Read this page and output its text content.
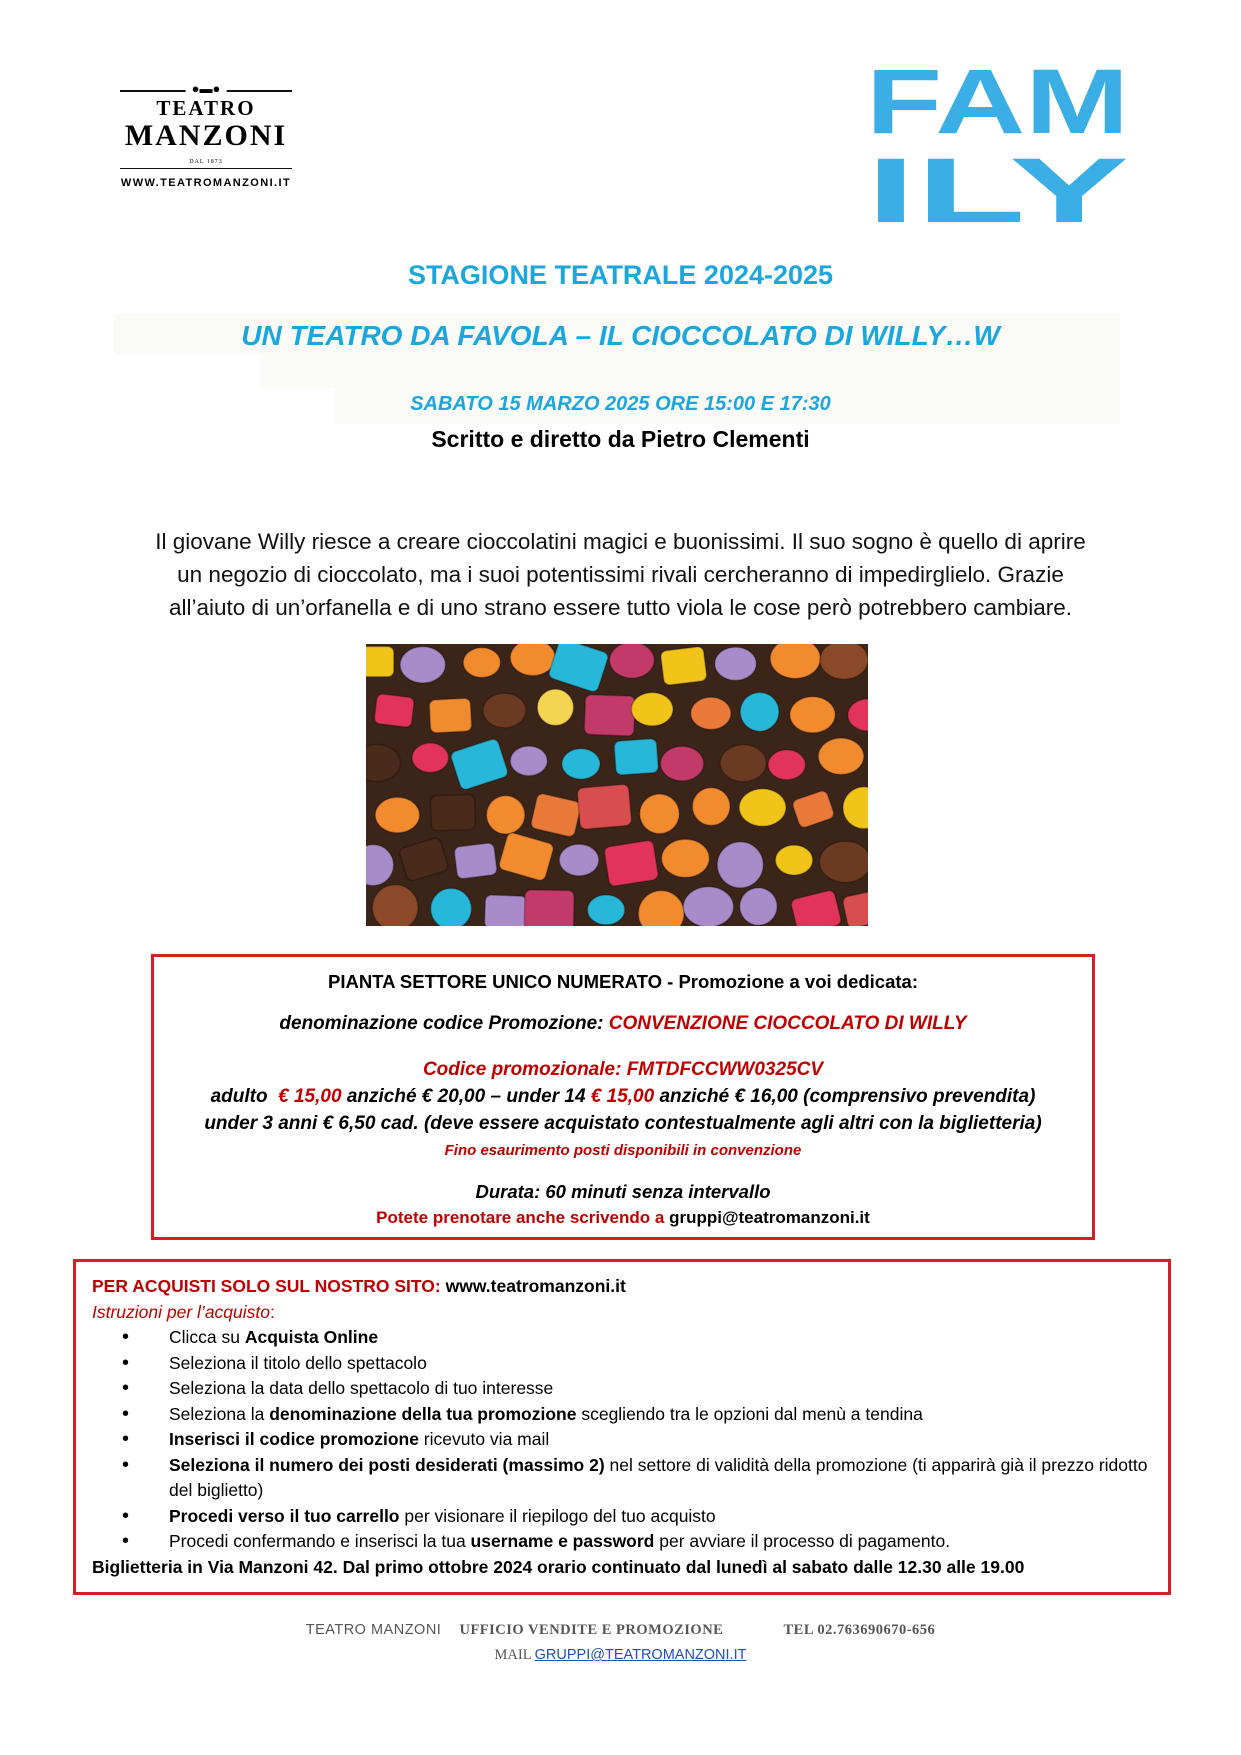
●▬●
TEATRO
MANZONI
DAL 1873
WWW.TEATROMANZONI.IT
FAM
ILY
STAGIONE TEATRALE 2024-2025
UN TEATRO DA FAVOLA – IL CIOCCOLATO DI WILLY…W
SABATO 15 MARZO 2025 ORE 15:00 E 17:30
Scritto e diretto da Pietro Clementi
Il giovane Willy riesce a creare cioccolatini magici e buonissimi. Il suo sogno è quello di aprire
un negozio di cioccolato, ma i suoi potentissimi rivali cercheranno di impedirglielo. Grazie
all’aiuto di un’orfanella e di uno strano essere tutto viola le cose però potrebbero cambiare.
PIANTA SETTORE UNICO NUMERATO - Promozione a voi dedicata:
denominazione codice Promozione: CONVENZIONE CIOCCOLATO DI WILLY
Codice promozionale: FMTDFCCWW0325CV
adulto € 15,00 anziché € 20,00 – under 14 € 15,00 anziché € 16,00 (comprensivo prevendita)
under 3 anni € 6,50 cad. (deve essere acquistato contestualmente agli altri con la biglietteria)
Fino esaurimento posti disponibili in convenzione
Durata: 60 minuti senza intervallo
Potete prenotare anche scrivendo a gruppi@teatromanzoni.it
PER ACQUISTI SOLO SUL NOSTRO SITO: www.teatromanzoni.it
Istruzioni per l’acquisto:
• Clicca su Acquista Online
• Seleziona il titolo dello spettacolo
• Seleziona la data dello spettacolo di tuo interesse
• Seleziona la denominazione della tua promozione scegliendo tra le opzioni dal menù a tendina
• Inserisci il codice promozione ricevuto via mail
• Seleziona il numero dei posti desiderati (massimo 2) nel settore di validità della promozione (ti apparirà già il prezzo ridotto del biglietto)
• Procedi verso il tuo carrello per visionare il riepilogo del tuo acquisto
• Procedi confermando e inserisci la tua username e password per avviare il processo di pagamento.
Biglietteria in Via Manzoni 42. Dal primo ottobre 2024 orario continuato dal lunedì al sabato dalle 12.30 alle 19.00
TEATRO MANZONI UFFICIO VENDITE E PROMOZIONE	TEL 02.763690670-656
MAIL GRUPPI@TEATROMANZONI.IT
